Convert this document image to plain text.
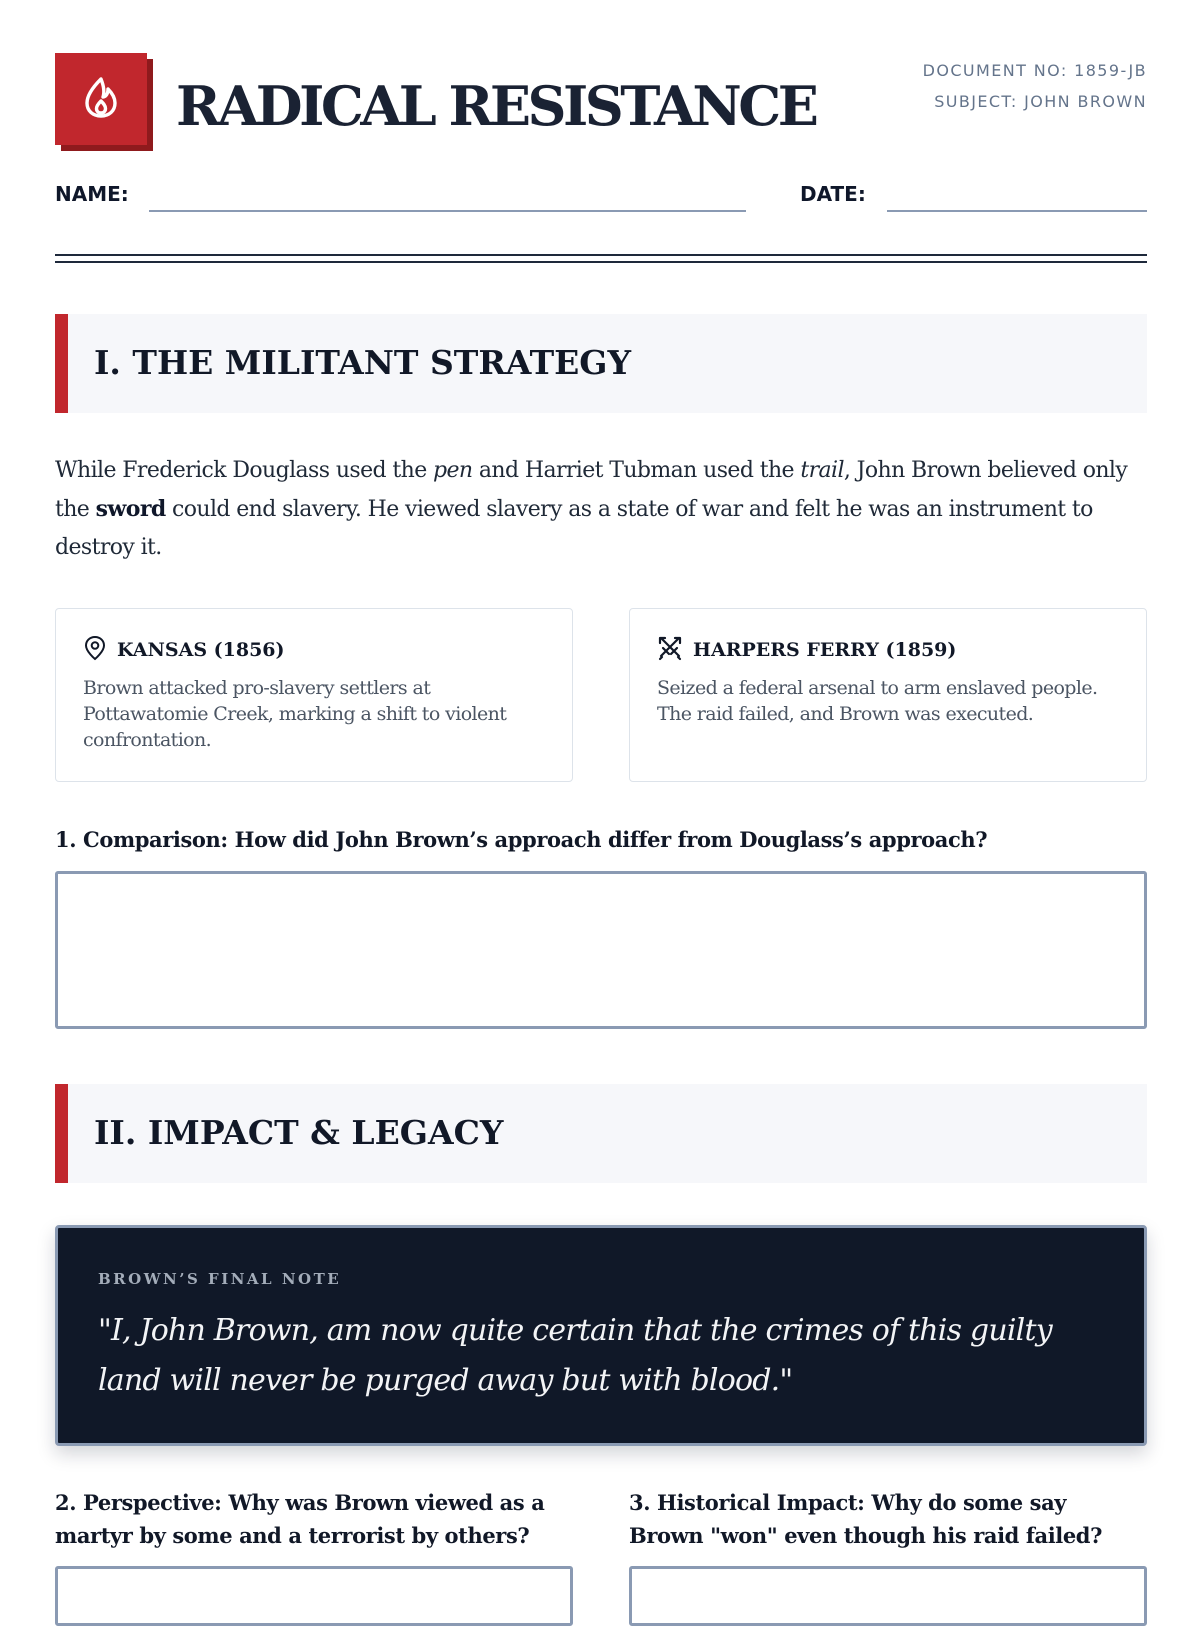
RADICAL RESISTANCE
DOCUMENT NO: 1859-JB
SUBJECT: JOHN BROWN
NAME:	DATE:
I. THE MILITANT STRATEGY
While Frederick Douglass used the pen and Harriet Tubman used the trail, John Brown believed only the sword could end slavery. He viewed slavery as a state of war and felt he was an instrument to destroy it.
KANSAS (1856)
Brown attacked pro-slavery settlers at Pottawatomie Creek, marking a shift to violent confrontation.
HARPERS FERRY (1859)
Seized a federal arsenal to arm enslaved people. The raid failed, and Brown was executed.
1. Comparison: How did John Brown’s approach differ from Douglass’s approach?
II. IMPACT & LEGACY
BROWN’S FINAL NOTE
"I, John Brown, am now quite certain that the crimes of this guilty land will never be purged away but with blood."
2. Perspective: Why was Brown viewed as a martyr by some and a terrorist by others?
3. Historical Impact: Why do some say Brown "won" even though his raid failed?
